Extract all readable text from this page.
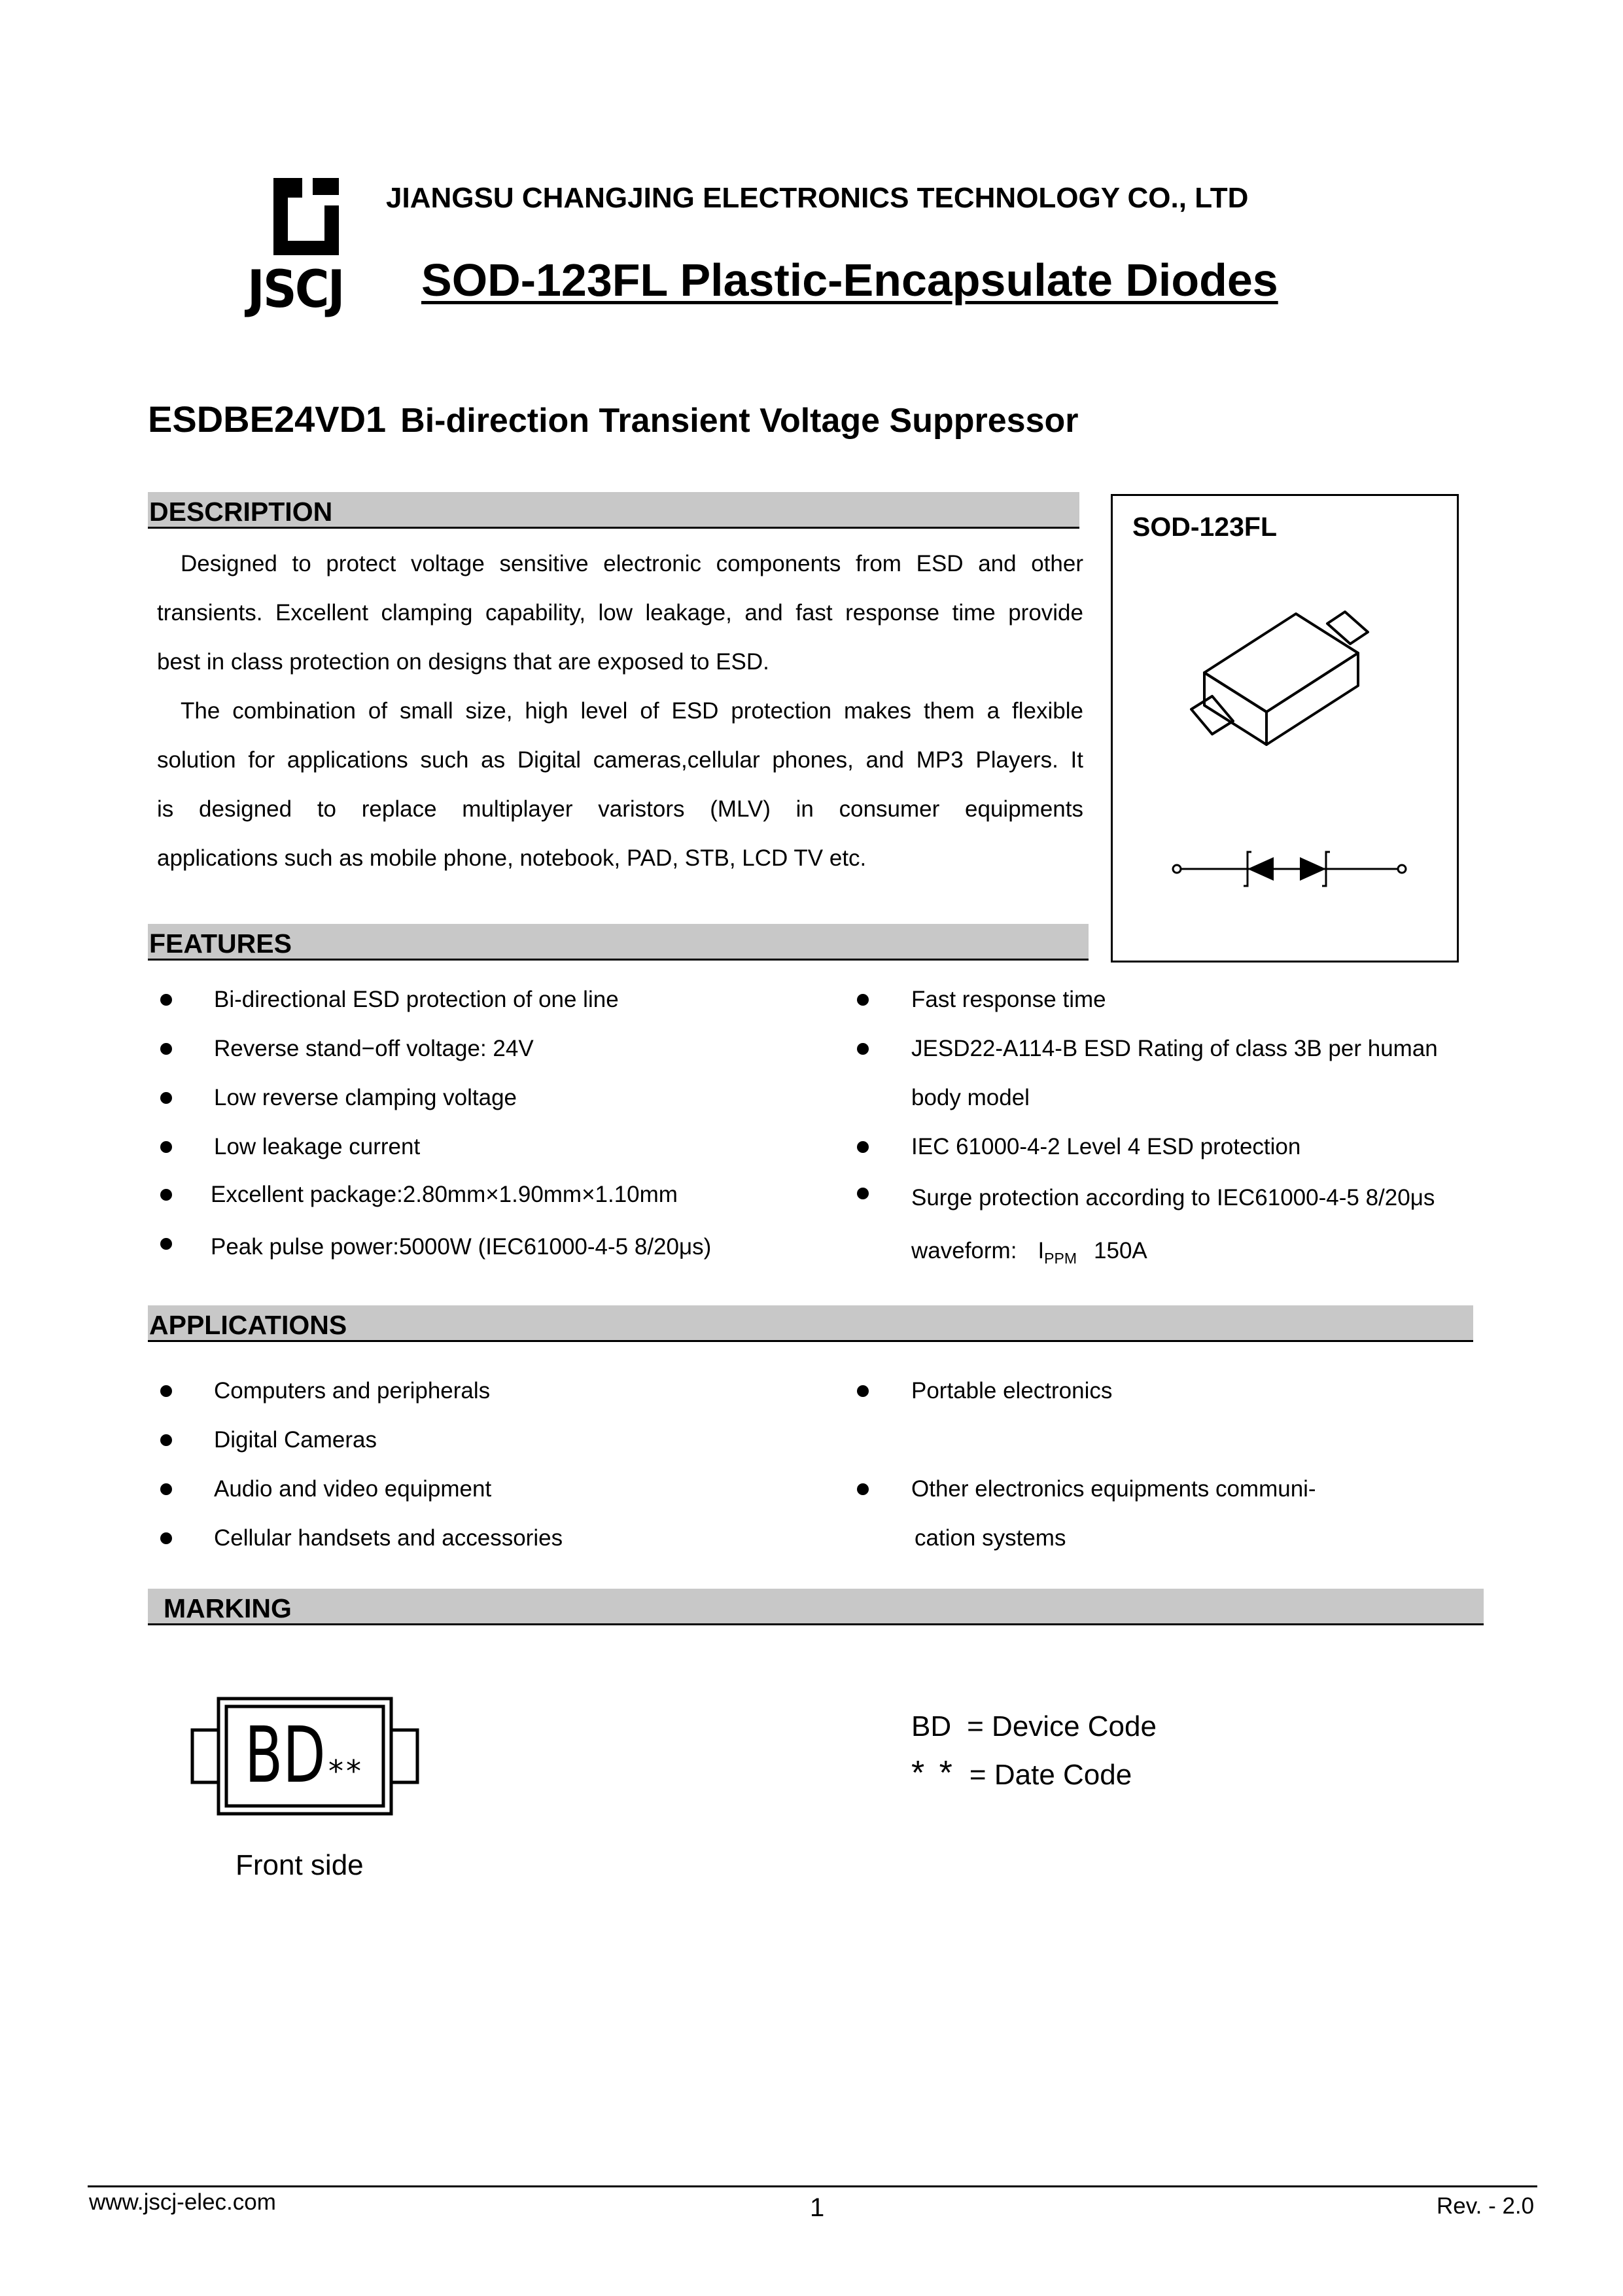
JSCJ
JIANGSU CHANGJING ELECTRONICS TECHNOLOGY CO., LTD
SOD-123FL Plastic-Encapsulate Diodes
ESDBE24VD1 Bi-direction Transient Voltage Suppressor
DESCRIPTION

Designed to protect voltage sensitive electronic components from ESD and other

transients. Excellent clamping capability, low leakage, and fast response time provide

best in class protection on designs that are exposed to ESD.

The combination of small size, high level of ESD protection makes them a flexible

solution for applications such as Digital cameras,cellular phones, and MP3 Players. It

is designed to replace multiplayer varistors (MLV) in consumer equipments

applications such as mobile phone, notebook, PAD, STB, LCD TV etc.

SOD-123FL
FEATURES
Bi-directional ESD protection of one line
Reverse stand−off voltage: 24V
Low reverse clamping voltage
Low leakage current
Excellent package:2.80mm×1.90mm×1.10mm
Peak pulse power:5000W (IEC61000-4-5 8/20μs)
Fast response time
JESD22-A114-B ESD Rating of class 3B per human
body model
IEC 61000-4-2 Level 4 ESD protection
Surge protection according to IEC61000-4-5 8/20μs
waveform: $I_{PPM}$ 150A
APPLICATIONS
Computers and peripherals
Digital Cameras
Audio and video equipment
Cellular handsets and accessories
Portable electronics
Other electronics equipments communi-
cation systems
MARKING
BD **
Front side
BD = Device Code
* * = Date Code
www.jscj-elec.com	1	Rev. - 2.0
